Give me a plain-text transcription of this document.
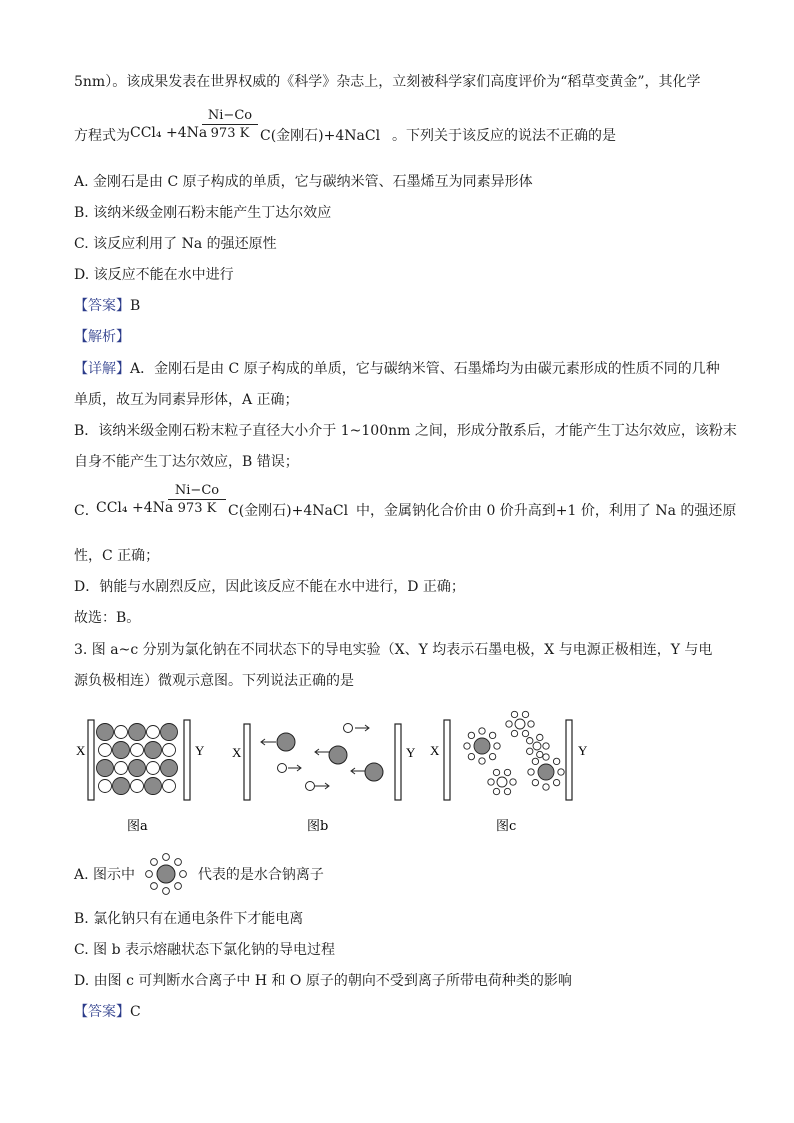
5nm）。该成果发表在世界权威的《科学》杂志上，立刻被科学家们高度评价为“稻草变黄金”，其化学
方程式为 CCl₄ +4Na
Ni−Co
973 K C(金刚石)+4NaCl 。下列关于该反应的说法不正确的是
A. 金刚石是由 C 原子构成的单质，它与碳纳米管、石墨烯互为同素异形体
B. 该纳米级金刚石粉末能产生丁达尔效应
C. 该反应利用了 Na 的强还原性
D. 该反应不能在水中进行
【答案】B
【解析】
【详解】A．金刚石是由 C 原子构成的单质，它与碳纳米管、石墨烯均为由碳元素形成的性质不同的几种
单质，故互为同素异形体，A 正确；
B．该纳米级金刚石粉末粒子直径大小介于 1~100nm 之间，形成分散系后，才能产生丁达尔效应，该粉末
自身不能产生丁达尔效应，B 错误；
C．
CCl₄ +4Na
Ni−Co
973 K C(金刚石)+4NaCl 中，金属钠化合价由 0 价升高到+1 价，利用了 Na 的强还原
性，C 正确；
D．钠能与水剧烈反应，因此该反应不能在水中进行，D 正确；
故选：B。
3. 图 a~c 分别为氯化钠在不同状态下的导电实验（X、Y 均表示石墨电极，X 与电源正极相连，Y 与电
源负极相连）微观示意图。下列说法正确的是
X	Y X	Y X	Y
图a	图b	图c
A. 图示中	代表的是水合钠离子
B. 氯化钠只有在通电条件下才能电离
C. 图 b 表示熔融状态下氯化钠的导电过程
D. 由图 c 可判断水合离子中 H 和 O 原子的朝向不受到离子所带电荷种类的影响
【答案】C
